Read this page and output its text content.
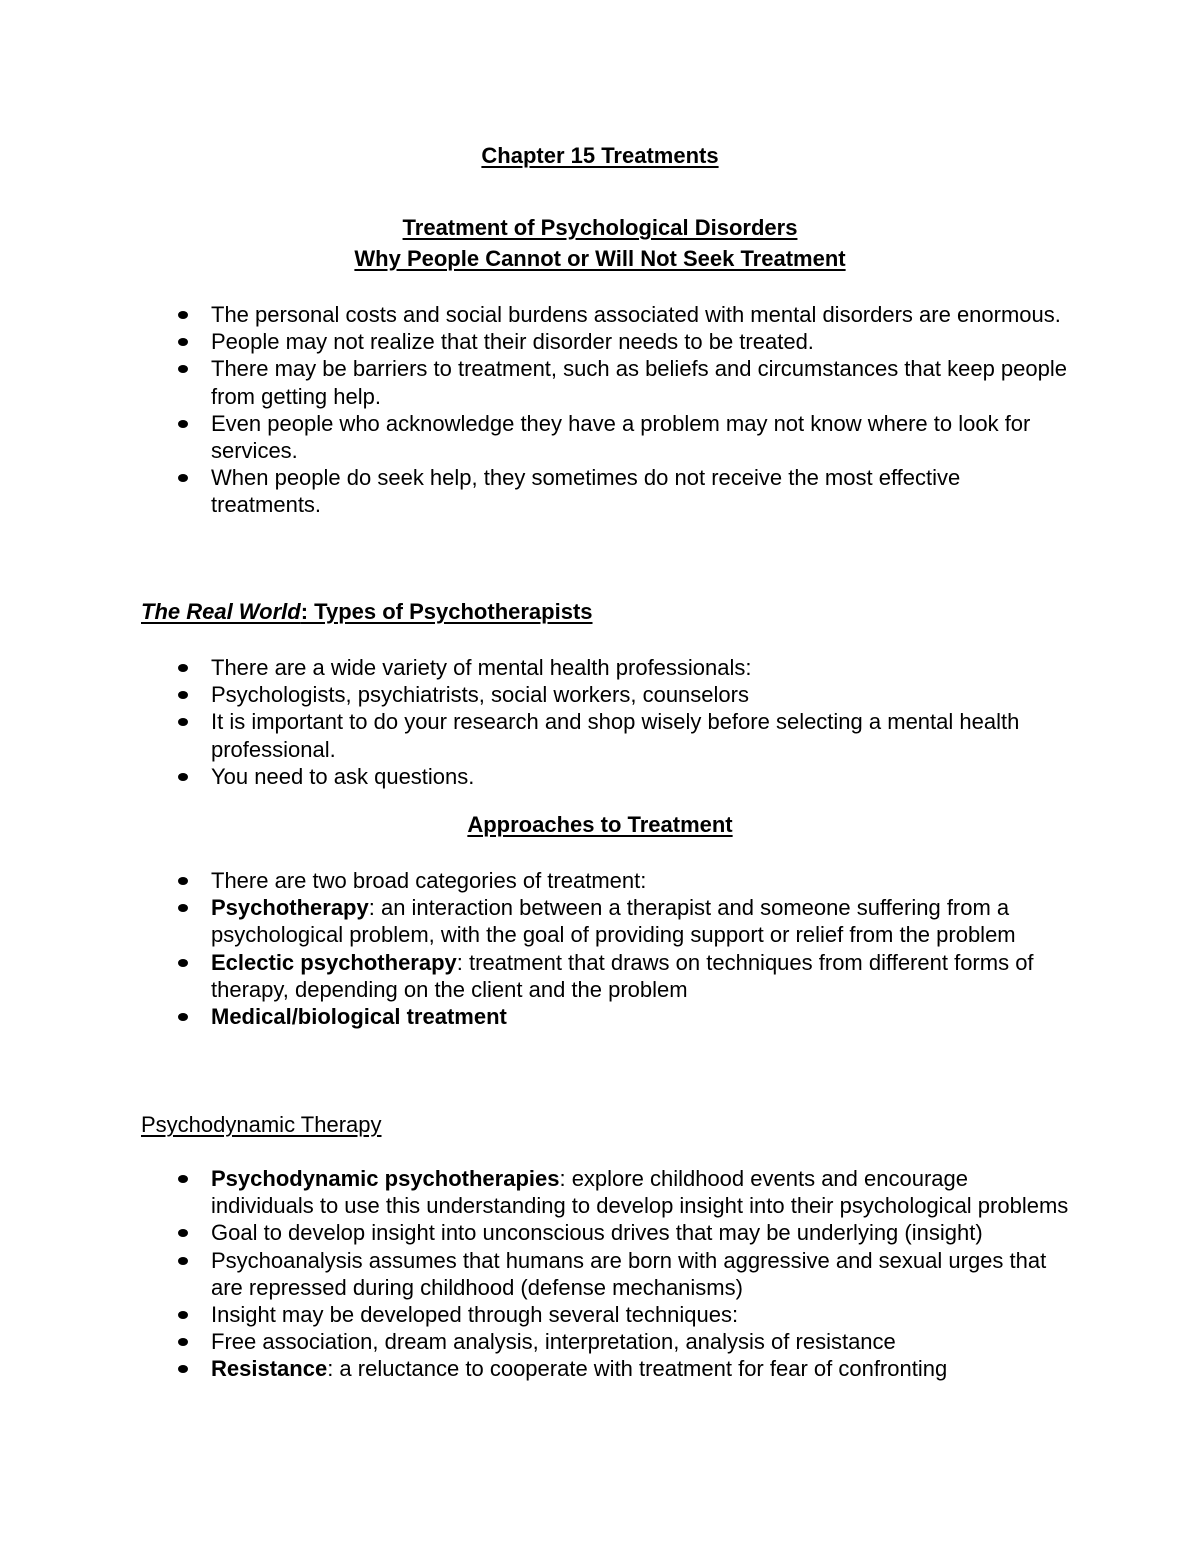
Chapter 15 Treatments
Treatment of Psychological Disorders
Why People Cannot or Will Not Seek Treatment
The personal costs and social burdens associated with mental disorders are enormous.
People may not realize that their disorder needs to be treated.
There may be barriers to treatment, such as beliefs and circumstances that keep people from getting help.
Even people who acknowledge they have a problem may not know where to look for services.
When people do seek help, they sometimes do not receive the most effective treatments.
The Real World: Types of Psychotherapists
There are a wide variety of mental health professionals:
Psychologists, psychiatrists, social workers, counselors
It is important to do your research and shop wisely before selecting a mental health professional.
You need to ask questions.
Approaches to Treatment
There are two broad categories of treatment:
Psychotherapy: an interaction between a therapist and someone suffering from a psychological problem, with the goal of providing support or relief from the problem
Eclectic psychotherapy: treatment that draws on techniques from different forms of therapy, depending on the client and the problem
Medical/biological treatment
Psychodynamic Therapy
Psychodynamic psychotherapies: explore childhood events and encourage individuals to use this understanding to develop insight into their psychological problems
Goal to develop insight into unconscious drives that may be underlying (insight)
Psychoanalysis assumes that humans are born with aggressive and sexual urges that are repressed during childhood (defense mechanisms)
Insight may be developed through several techniques:
Free association, dream analysis, interpretation, analysis of resistance
Resistance: a reluctance to cooperate with treatment for fear of confronting
